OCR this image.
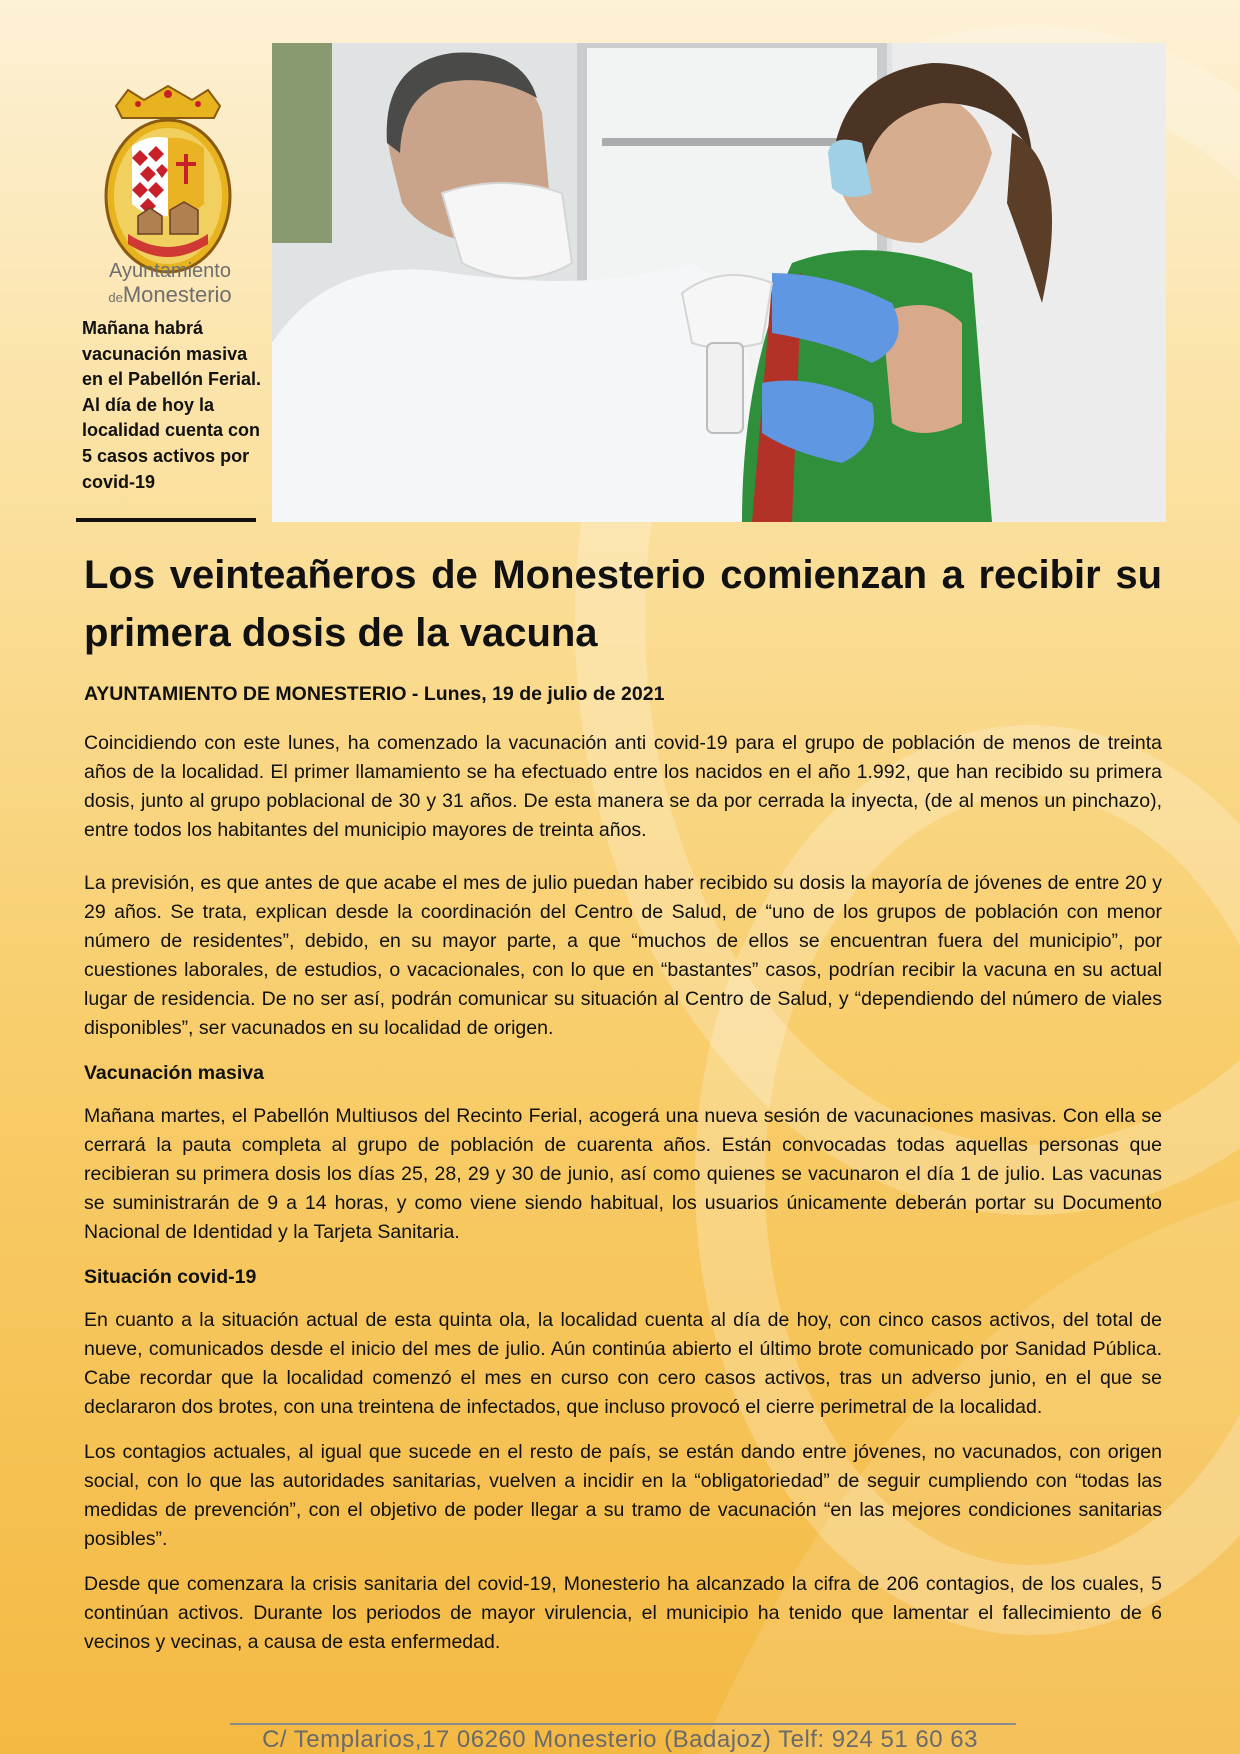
Ayuntamiento
deMonesterio

Mañana habrá vacunación masiva en el Pabellón Ferial. Al día de hoy la localidad cuenta con 5 casos activos por covid-19

Los veinteañeros de Monesterio comienzan a recibir su primera dosis de la vacuna

AYUNTAMIENTO DE MONESTERIO - Lunes, 19 de julio de 2021

Coincidiendo con este lunes, ha comenzado la vacunación anti covid-19 para el grupo de población de menos de treinta años de la localidad. El primer llamamiento se ha efectuado entre los nacidos en el año 1.992, que han recibido su primera dosis, junto al grupo poblacional de 30 y 31 años. De esta manera se da por cerrada la inyecta, (de al menos un pinchazo), entre todos los habitantes del municipio mayores de treinta años.

La previsión, es que antes de que acabe el mes de julio puedan haber recibido su dosis la mayoría de jóvenes de entre 20 y 29 años. Se trata, explican desde la coordinación del Centro de Salud, de “uno de los grupos de población con menor número de residentes”, debido, en su mayor parte, a que “muchos de ellos se encuentran fuera del municipio”, por cuestiones laborales, de estudios, o vacacionales, con lo que en “bastantes” casos, podrían recibir la vacuna en su actual lugar de residencia. De no ser así, podrán comunicar su situación al Centro de Salud, y “dependiendo del número de viales disponibles”, ser vacunados en su localidad de origen.

Vacunación masiva

Mañana martes, el Pabellón Multiusos del Recinto Ferial, acogerá una nueva sesión de vacunaciones masivas. Con ella se cerrará la pauta completa al grupo de población de cuarenta años. Están convocadas todas aquellas personas que recibieran su primera dosis los días 25, 28, 29 y 30 de junio, así como quienes se vacunaron el día 1 de julio. Las vacunas se suministrarán de 9 a 14 horas, y como viene siendo habitual, los usuarios únicamente deberán portar su Documento Nacional de Identidad y la Tarjeta Sanitaria.

Situación covid-19

En cuanto a la situación actual de esta quinta ola, la localidad cuenta al día de hoy, con cinco casos activos, del total de nueve, comunicados desde el inicio del mes de julio. Aún continúa abierto el último brote comunicado por Sanidad Pública. Cabe recordar que la localidad comenzó el mes en curso con cero casos activos, tras un adverso junio, en el que se declararon dos brotes, con una treintena de infectados, que incluso provocó el cierre perimetral de la localidad.

Los contagios actuales, al igual que sucede en el resto de país, se están dando entre jóvenes, no vacunados, con origen social, con lo que las autoridades sanitarias, vuelven a incidir en la “obligatoriedad” de seguir cumpliendo con “todas las medidas de prevención”, con el objetivo de poder llegar a su tramo de vacunación “en las mejores condiciones sanitarias posibles”.

Desde que comenzara la crisis sanitaria del covid-19, Monesterio ha alcanzado la cifra de 206 contagios, de los cuales, 5 continúan activos. Durante los periodos de mayor virulencia, el municipio ha tenido que lamentar el fallecimiento de 6 vecinos y vecinas, a causa de esta enfermedad.

C/ Templarios,17 06260 Monesterio (Badajoz) Telf: 924 51 60 63
